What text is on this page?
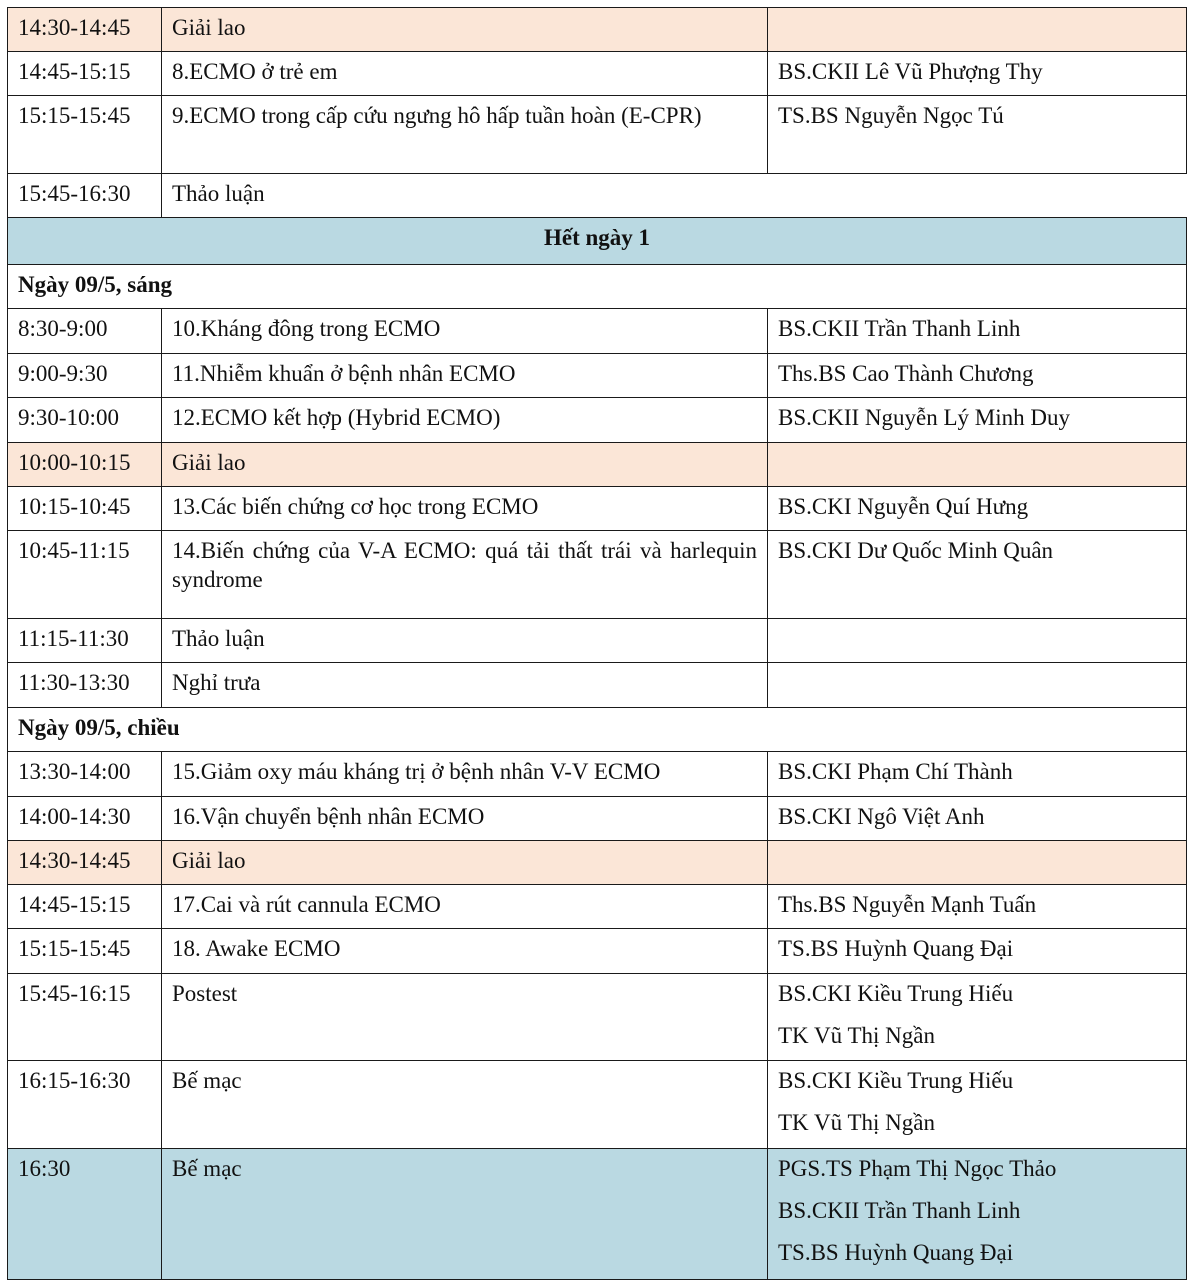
14:30-14:45	Giải lao	
14:45-15:15	8.ECMO ở trẻ em	BS.CKII Lê Vũ Phượng Thy

15:15-15:45	9.ECMO trong cấp cứu ngưng hô hấp tuần hoàn (E-CPR)	TS.BS Nguyễn Ngọc Tú

15:45-16:30	Thảo luận	
Hết ngày 1		
Ngày 09/5, sáng		
8:30-9:00	10.Kháng đông trong ECMO	BS.CKII Trần Thanh Linh

9:00-9:30	11.Nhiễm khuẩn ở bệnh nhân ECMO	Ths.BS Cao Thành Chương

9:30-10:00	12.ECMO kết hợp (Hybrid ECMO)	BS.CKII Nguyễn Lý Minh Duy

10:00-10:15	Giải lao	
10:15-10:45	13.Các biến chứng cơ học trong ECMO	BS.CKI Nguyễn Quí Hưng

10:45-11:15	14.Biến chứng của V-A ECMO: quá tải thất trái và harlequin syndrome	BS.CKI Dư Quốc Minh Quân

11:15-11:30	Thảo luận	
11:30-13:30	Nghỉ trưa	
Ngày 09/5, chiều		
13:30-14:00	15.Giảm oxy máu kháng trị ở bệnh nhân V-V ECMO	BS.CKI Phạm Chí Thành

14:00-14:30	16.Vận chuyển bệnh nhân ECMO	BS.CKI Ngô Việt Anh

14:30-14:45	Giải lao	
14:45-15:15	17.Cai và rút cannula ECMO	Ths.BS Nguyễn Mạnh Tuấn

15:15-15:45	18. Awake ECMO	TS.BS Huỳnh Quang Đại

15:45-16:15	Postest	BS.CKI Kiều Trung Hiếu
TK Vũ Thị Ngần

16:15-16:30	Bế mạc	BS.CKI Kiều Trung Hiếu
TK Vũ Thị Ngần

16:30	Bế mạc	PGS.TS Phạm Thị Ngọc Thảo
BS.CKII Trần Thanh Linh
TS.BS Huỳnh Quang Đại
